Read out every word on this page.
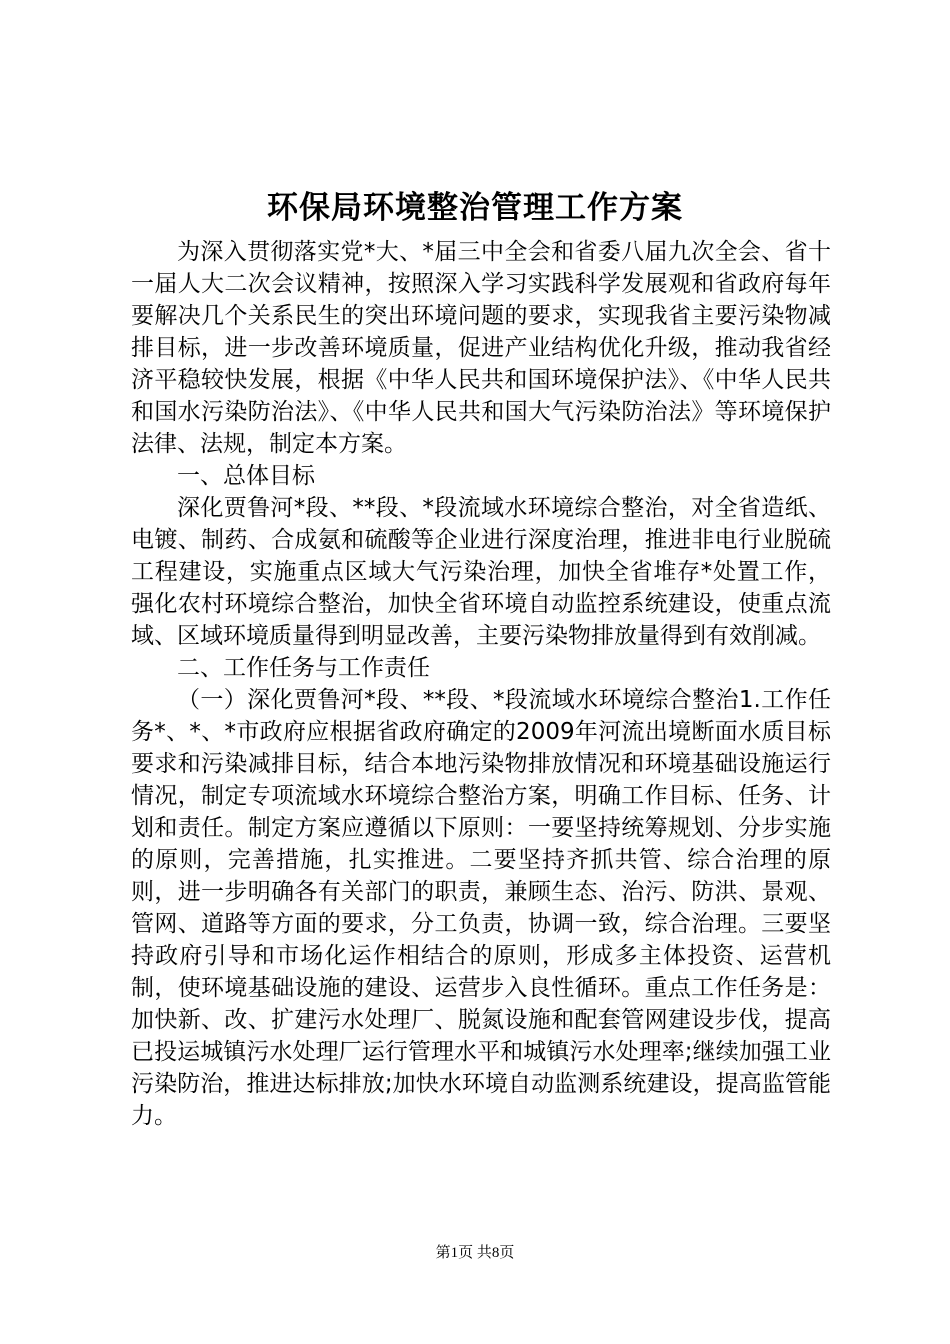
环保局环境整治管理工作方案

为深入贯彻落实党*大、*届三中全会和省委八届九次全会、省十一届人大二次会议精神，按照深入学习实践科学发展观和省政府每年要解决几个关系民生的突出环境问题的要求，实现我省主要污染物减排目标，进一步改善环境质量，促进产业结构优化升级，推动我省经济平稳较快发展，根据《中华人民共和国环境保护法》、《中华人民共和国水污染防治法》、《中华人民共和国大气污染防治法》等环境保护法律、法规，制定本方案。

一、总体目标

深化贾鲁河*段、**段、*段流域水环境综合整治，对全省造纸、电镀、制药、合成氨和硫酸等企业进行深度治理，推进非电行业脱硫工程建设，实施重点区域大气污染治理，加快全省堆存*处置工作，强化农村环境综合整治，加快全省环境自动监控系统建设，使重点流域、区域环境质量得到明显改善，主要污染物排放量得到有效削减。

二、工作任务与工作责任

（一）深化贾鲁河*段、**段、*段流域水环境综合整治1.工作任务*、*、*市政府应根据省政府确定的2009年河流出境断面水质目标要求和污染减排目标，结合本地污染物排放情况和环境基础设施运行情况，制定专项流域水环境综合整治方案，明确工作目标、任务、计划和责任。制定方案应遵循以下原则：一要坚持统筹规划、分步实施的原则，完善措施，扎实推进。二要坚持齐抓共管、综合治理的原则，进一步明确各有关部门的职责，兼顾生态、治污、防洪、景观、管网、道路等方面的要求，分工负责，协调一致，综合治理。三要坚持政府引导和市场化运作相结合的原则，形成多主体投资、运营机制，使环境基础设施的建设、运营步入良性循环。重点工作任务是：加快新、改、扩建污水处理厂、脱氮设施和配套管网建设步伐，提高已投运城镇污水处理厂运行管理水平和城镇污水处理率;继续加强工业污染防治，推进达标排放;加快水环境自动监测系统建设，提高监管能力。

第1页 共8页
